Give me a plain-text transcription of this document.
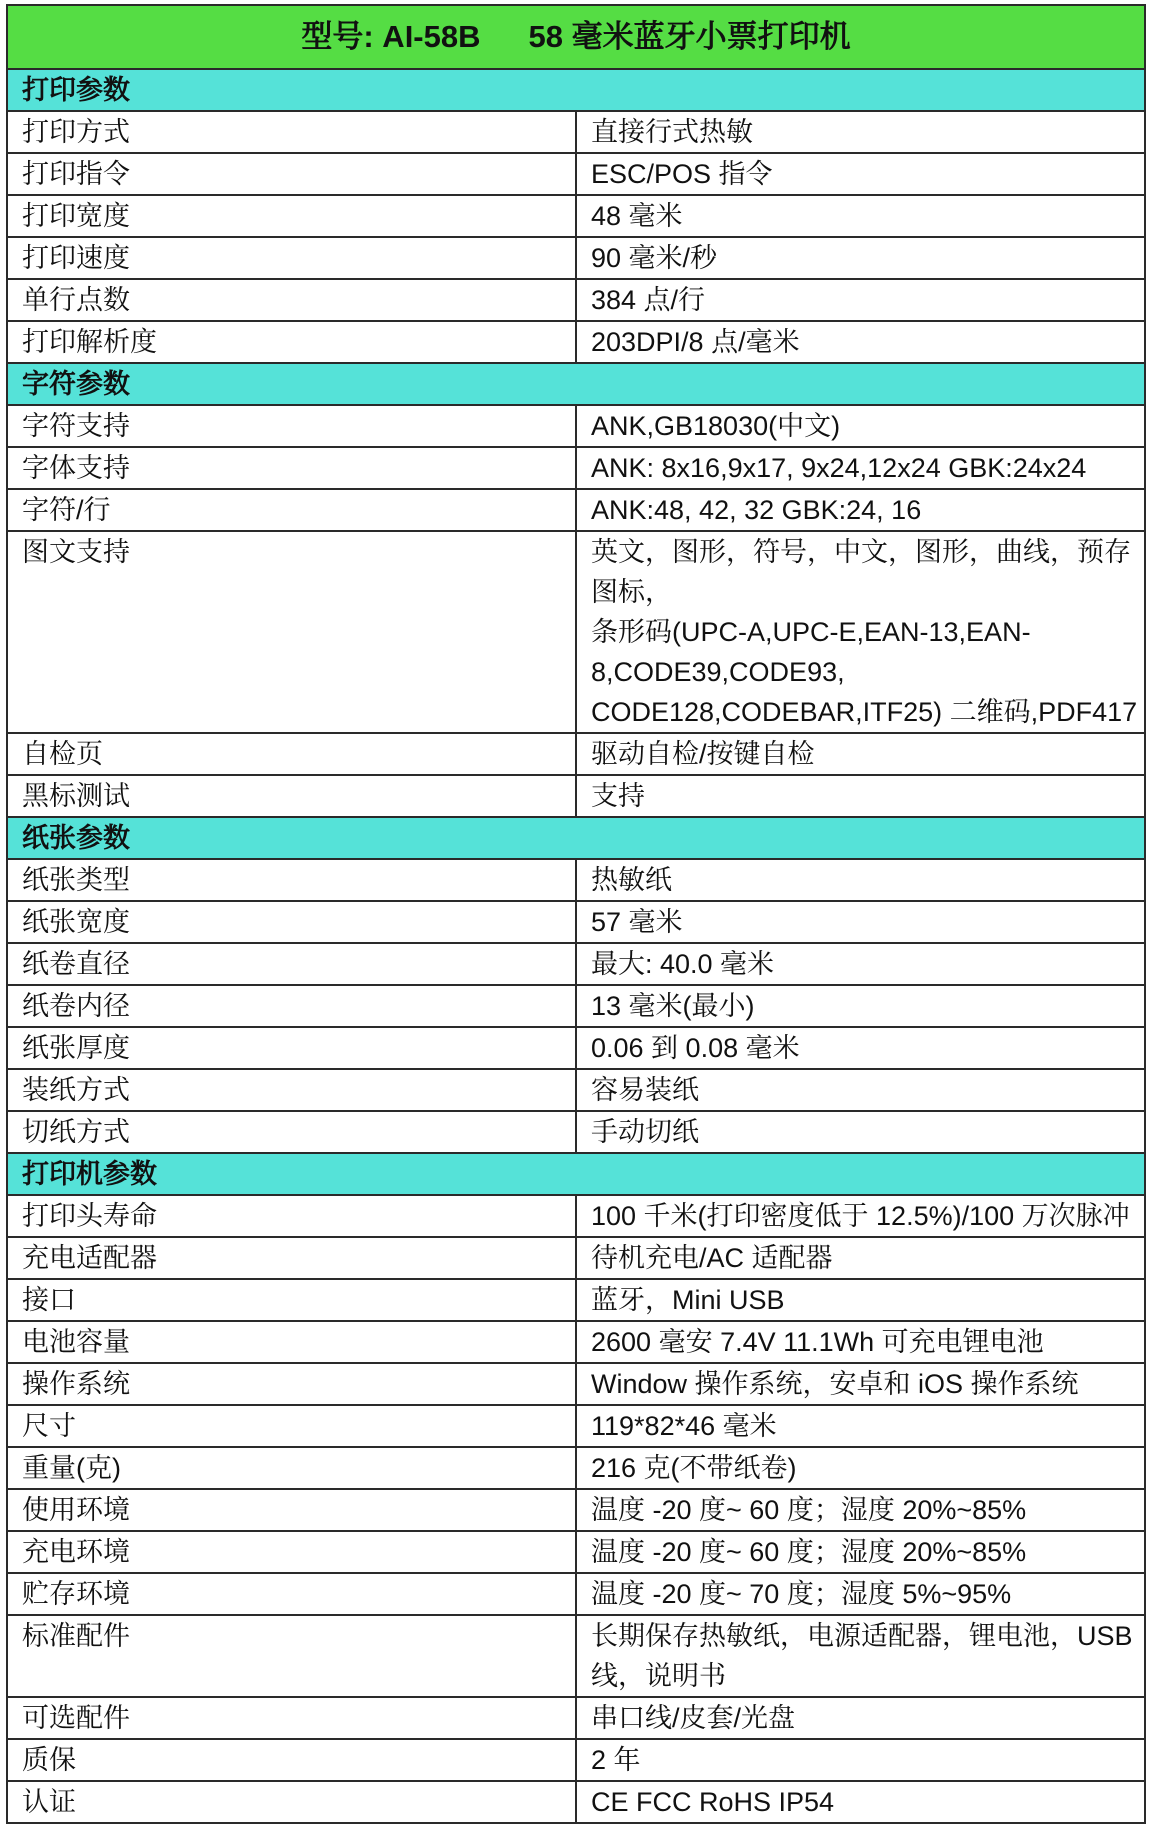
型号: AI-58B 58 毫米蓝牙小票打印机	
打印参数	
打印方式	直接行式热敏
打印指令	ESC/POS 指令
打印宽度	48 毫米
打印速度	90 毫米/秒
单行点数	384 点/行
打印解析度	203DPI/8 点/毫米
字符参数	
字符支持	ANK,GB18030(中文)
字体支持	ANK: 8x16,9x17, 9x24,12x24 GBK:24x24
字符/行	ANK:48, 42, 32 GBK:24, 16
图文支持	英文，图形，符号，中文，图形，曲线，预存图标，
条形码(UPC-A,UPC-E,EAN-13,EAN-8,CODE39,CODE93,
CODE128,CODEBAR,ITF25) 二维码,PDF417

自检页	驱动自检/按键自检
黑标测试	支持
纸张参数	
纸张类型	热敏纸
纸张宽度	57 毫米
纸卷直径	最大: 40.0 毫米
纸卷内径	13 毫米(最小)
纸张厚度	0.06 到 0.08 毫米
装纸方式	容易装纸
切纸方式	手动切纸
打印机参数	
打印头寿命	100 千米(打印密度低于 12.5%)/100 万次脉冲
充电适配器	待机充电/AC 适配器
接口	蓝牙，Mini USB
电池容量	2600 毫安 7.4V 11.1Wh 可充电锂电池
操作系统	Window 操作系统，安卓和 iOS 操作系统
尺寸	119*82*46 毫米
重量(克)	216 克(不带纸卷)
使用环境	温度 -20 度~ 60 度；湿度 20%~85%
充电环境	温度 -20 度~ 60 度；湿度 20%~85%
贮存环境	温度 -20 度~ 70 度；湿度 5%~95%
标准配件	长期保存热敏纸，电源适配器，锂电池，USB 线，说明书
可选配件	串口线/皮套/光盘
质保	2 年
认证	CE FCC RoHS IP54
